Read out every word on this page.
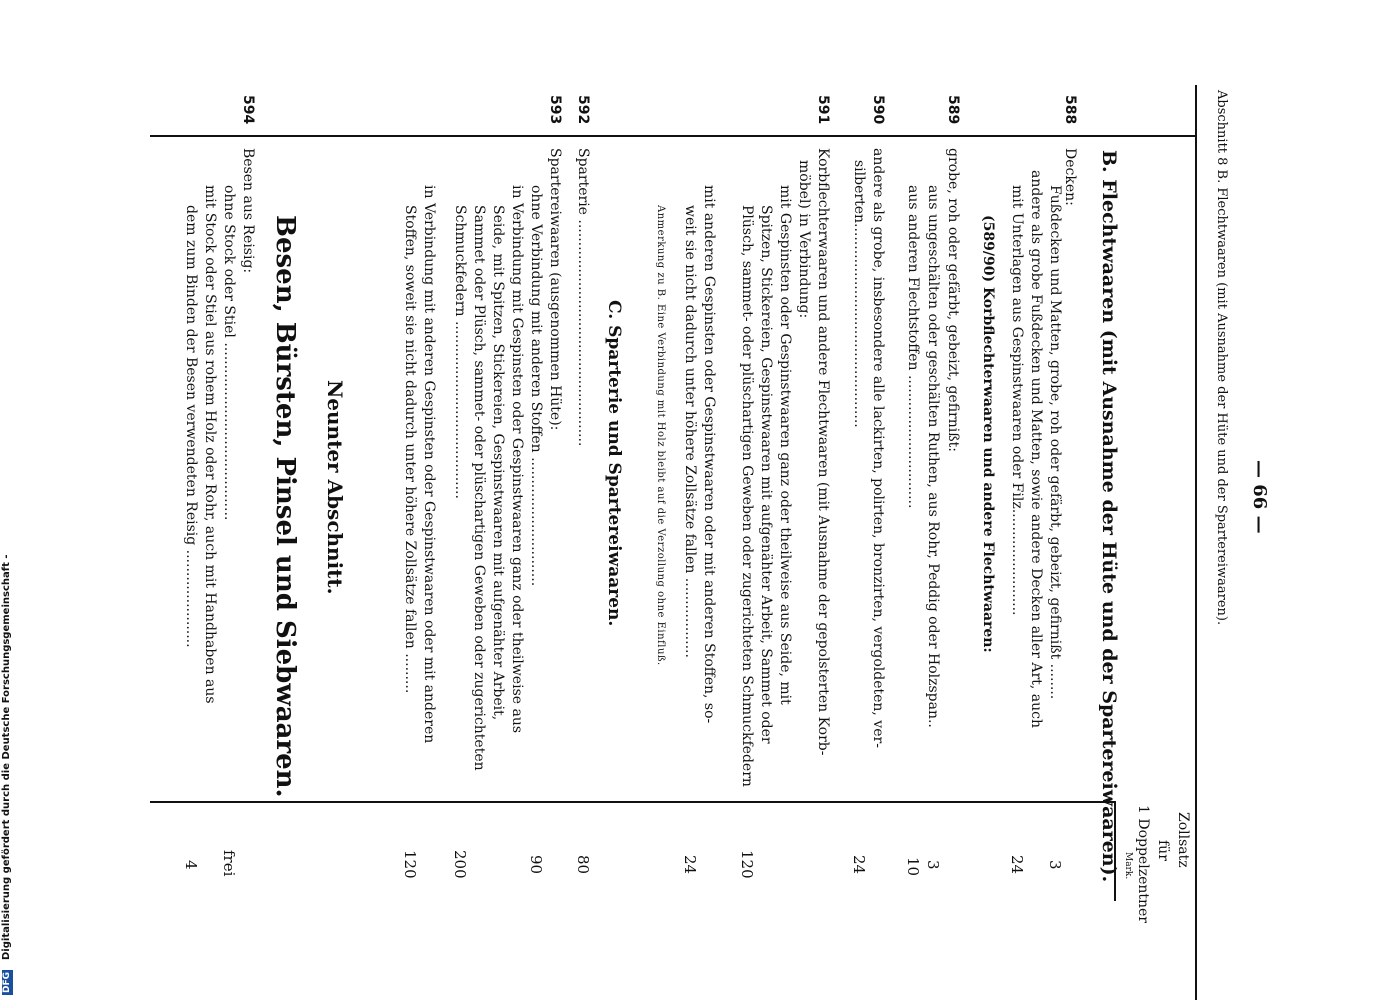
Abschnitt 8 B. Flechtwaaren (mit Ausnahme der Hüte und der Spartereiwaaren). — 66 —
Zollsatz
für
1 Doppelzentner
Mark.
B. Flechtwaaren (mit Ausnahme der Hüte und der Spartereiwaaren).
588
Decken:
Fußdecken und Matten, grobe, roh oder gefärbt, gebeizt, gefirnißt ........
andere als grobe Fußdecken und Matten, sowie andere Decken aller Art, auch
mit Unterlagen aus Gespinstwaaren oder Filz........................
3
24
(589/90) Korbflechterwaaren und andere Flechtwaaren:
589
grobe, roh oder gefärbt, gebeizt, gefirnißt:
aus ungeschälten oder geschälten Ruthen, aus Rohr, Peddig oder Holzspan..
aus anderen Flechtstoffen ..............................
3
10
590
andere als grobe, insbesondere alle lackirten, polirten, bronzirten, vergoldeten, ver-
silberten..............................................
24
591
Korbflechterwaaren und andere Flechtwaaren (mit Ausnahme der gepolsterten Korb-
möbel) in Verbindung:
mit Gespinsten oder Gespinstwaaren ganz oder theilweise aus Seide, mit
Spitzen, Stickereien, Gespinstwaaren mit aufgenähter Arbeit, Sammet oder
Plüsch, sammet- oder plüschartigen Geweben oder zugerichteten Schmuckfedern
mit anderen Gespinsten oder Gespinstwaaren oder mit anderen Stoffen, so-
weit sie nicht dadurch unter höhere Zollsätze fallen ..................
120
24
Anmerkung zu B. Eine Verbindung mit Holz bleibt auf die Verzollung ohne Einfluß.
C. Sparterie und Spartereiwaaren.
592
Sparterie ...................................................
80
593
Spartereiwaaren (ausgenommen Hüte):
ohne Verbindung mit anderen Stoffen .............................
in Verbindung mit Gespinsten oder Gespinstwaaren ganz oder theilweise aus
Seide, mit Spitzen, Stickereien, Gespinstwaaren mit aufgenähter Arbeit,
Sammet oder Plüsch, sammet- oder plüschartigen Geweben oder zugerichteten
Schmuckfedern ........................................
in Verbindung mit anderen Gespinsten oder Gespinstwaaren oder mit anderen
Stoffen, soweit sie nicht dadurch unter höhere Zollsätze fallen .........
90
200
120
Neunter Abschnitt.
Besen, Bürsten, Pinsel und Siebwaaren.
594
Besen aus Reisig:
ohne Stock oder Stiel ........................................
mit Stock oder Stiel aus rohem Holz oder Rohr, auch mit Handhaben aus
dem zum Binden der Besen verwendeten Reisig ......................
frei
4
Digitalisierung gefördert durch die Deutsche Forschungsgemeinschaft -
DFG
